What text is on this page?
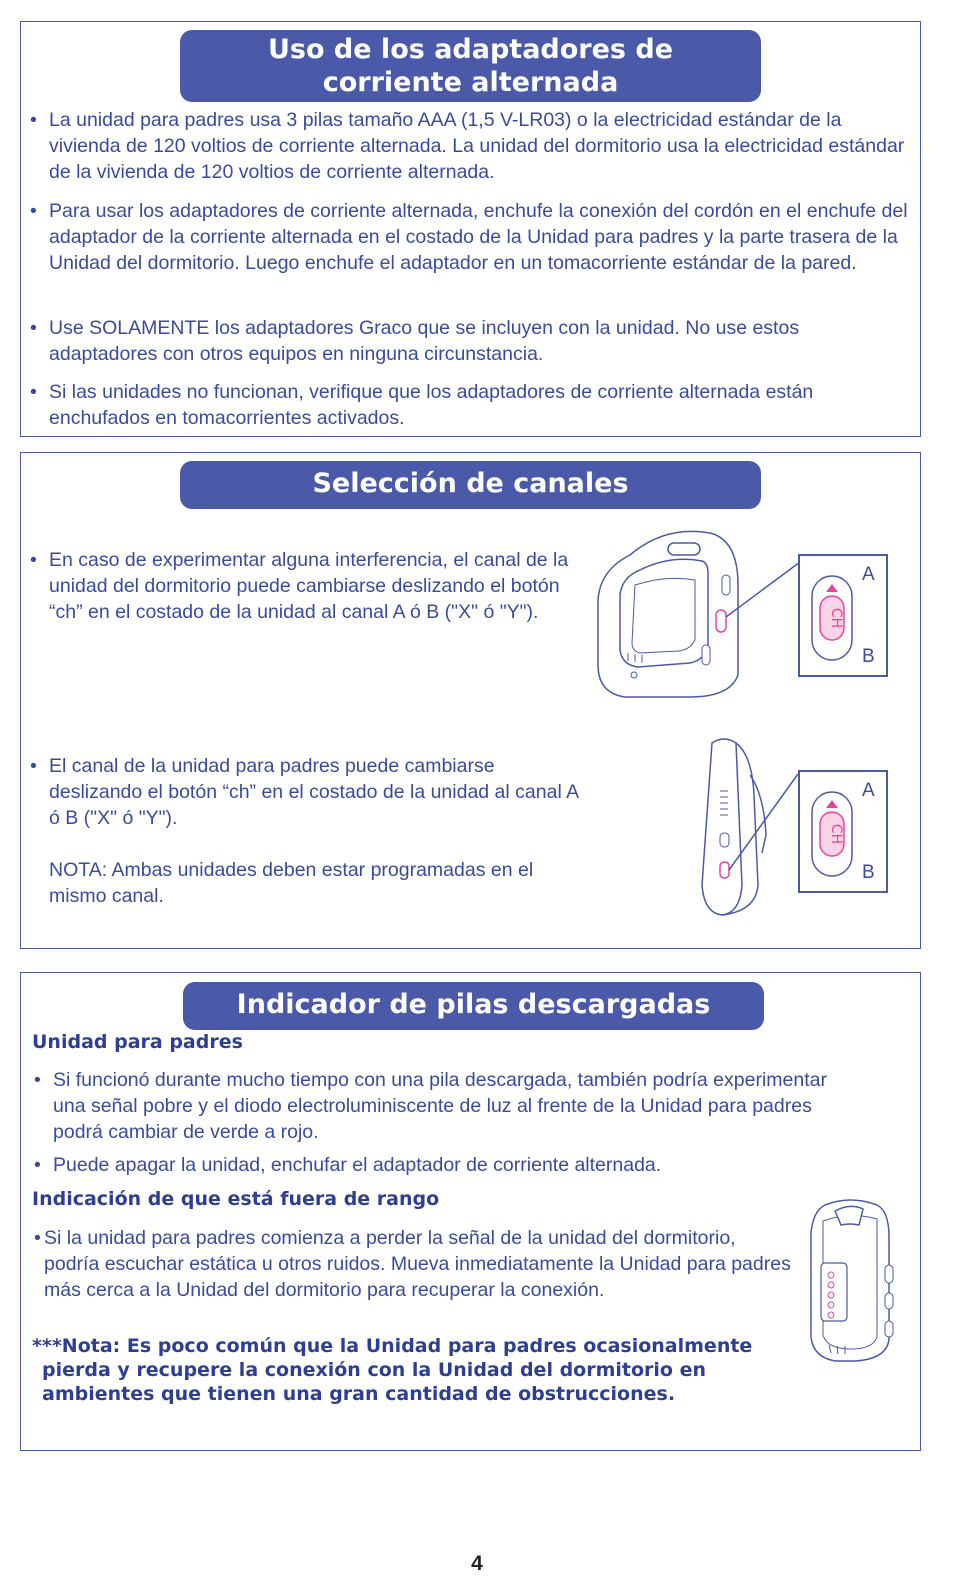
Uso de los adaptadores de
corriente alternada
• La unidad para padres usa 3 pilas tamaño AAA (1,5 V-LR03) o la electricidad estándar de la vivienda de 120 voltios de corriente alternada. La unidad del dormitorio usa la electricidad estándar de la vivienda de 120 voltios de corriente alternada.
• Para usar los adaptadores de corriente alternada, enchufe la conexión del cordón en el enchufe del adaptador de la corriente alternada en el costado de la Unidad para padres y la parte trasera de la Unidad del dormitorio. Luego enchufe el adaptador en un tomacorriente estándar de la pared.
• Use SOLAMENTE los adaptadores Graco que se incluyen con la unidad. No use estos adaptadores con otros equipos en ninguna circunstancia.
• Si las unidades no funcionan, verifique que los adaptadores de corriente alternada están enchufados en tomacorrientes activados.
Selección de canales
• En caso de experimentar alguna interferencia, el canal de la unidad del dormitorio puede cambiarse deslizando el botón “ch” en el costado de la unidad al canal A ó B ("X" ó "Y").
• El canal de la unidad para padres puede cambiarse deslizando el botón “ch” en el costado de la unidad al canal A ó B ("X" ó "Y").
NOTA: Ambas unidades deben estar programadas en el mismo canal.
A
B
CH
A
B
CH
Indicador de pilas descargadas
Unidad para padres
• Si funcionó durante mucho tiempo con una pila descargada, también podría experimentar una señal pobre y el diodo electroluminiscente de luz al frente de la Unidad para padres podrá cambiar de verde a rojo.
• Puede apagar la unidad, enchufar el adaptador de corriente alternada.
Indicación de que está fuera de rango
• Si la unidad para padres comienza a perder la señal de la unidad del dormitorio, podría escuchar estática u otros ruidos. Mueva inmediatamente la Unidad para padres más cerca a la Unidad del dormitorio para recuperar la conexión.
***Nota: Es poco común que la Unidad para padres ocasionalmente pierda y recupere la conexión con la Unidad del dormitorio en ambientes que tienen una gran cantidad de obstrucciones.
4
